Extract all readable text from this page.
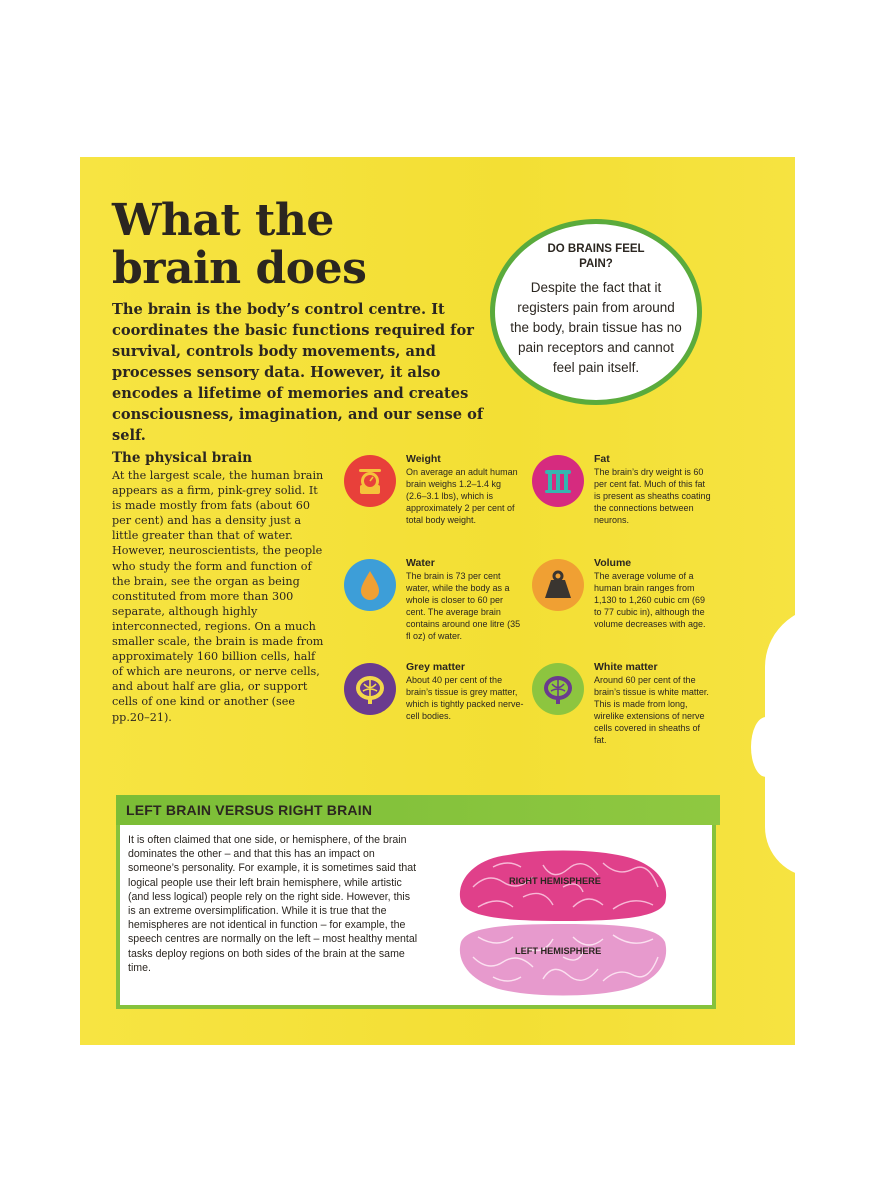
What the
brain does

The brain is the body’s control centre. It coordinates the basic functions required for survival, controls body movements, and processes sensory data. However, it also encodes a lifetime of memories and creates consciousness, imagination, and our sense of self.

DO BRAINS FEEL PAIN?
Despite the fact that it registers pain from around the body, brain tissue has no pain receptors and cannot feel pain itself.
The physical brain

At the largest scale, the human brain appears as a firm, pink-grey solid. It is made mostly from fats (about 60 per cent) and has a density just a little greater than that of water. However, neuroscientists, the people who study the form and function of the brain, see the organ as being constituted from more than 300 separate, although highly interconnected, regions. On a much smaller scale, the brain is made from approximately 160 billion cells, half of which are neurons, or nerve cells, and about half are glia, or support cells of one kind or another (see pp.20–21).

Weight
On average an adult human brain weighs 1.2–1.4 kg (2.6–3.1 lbs), which is approximately 2 per cent of total body weight.
Fat
The brain’s dry weight is 60 per cent fat. Much of this fat is present as sheaths coating the connections between neurons.
Water
The brain is 73 per cent water, while the body as a whole is closer to 60 per cent. The average brain contains around one litre (35 fl oz) of water.
Volume
The average volume of a human brain ranges from 1,130 to 1,260 cubic cm (69 to 77 cubic in), although the volume decreases with age.
Grey matter
About 40 per cent of the brain’s tissue is grey matter, which is tightly packed nerve-cell bodies.
White matter
Around 60 per cent of the brain’s tissue is white matter. This is made from long, wirelike extensions of nerve cells covered in sheaths of fat.
LEFT BRAIN VERSUS RIGHT BRAIN

It is often claimed that one side, or hemisphere, of the brain dominates the other – and that this has an impact on someone’s personality. For example, it is sometimes said that logical people use their left brain hemisphere, while artistic (and less logical) people rely on the right side. However, this is an extreme oversimplification. While it is true that the hemispheres are not identical in function – for example, the speech centres are normally on the left – most healthy mental tasks deploy regions on both sides of the brain at the same time.

RIGHT HEMISPHERE
LEFT HEMISPHERE
